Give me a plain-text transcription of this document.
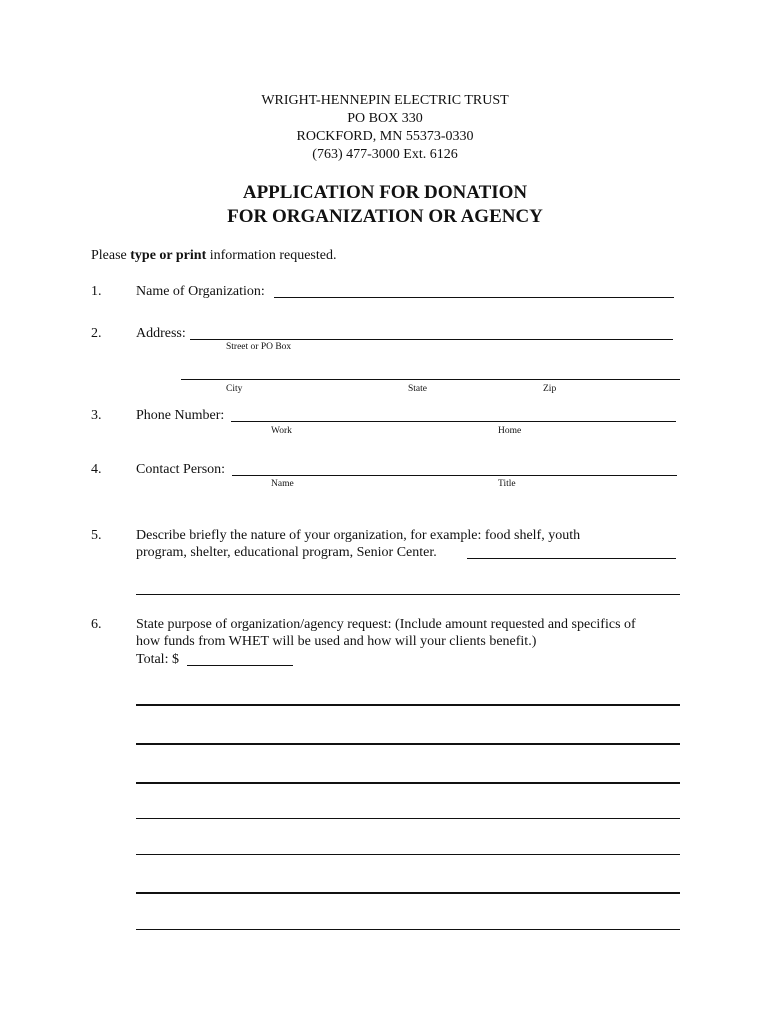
WRIGHT-HENNEPIN ELECTRIC TRUST
PO BOX 330
ROCKFORD, MN 55373-0330
(763) 477-3000 Ext. 6126
APPLICATION FOR DONATION
FOR ORGANIZATION OR AGENCY
Please type or print information requested.
1. Name of Organization:
2. Address:
Street or PO Box
City	State	Zip
3. Phone Number:
Work	Home
4. Contact Person:
Name	Title
5. Describe briefly the nature of your organization, for example: food shelf, youth
program, shelter, educational program, Senior Center.
6. State purpose of organization/agency request: (Include amount requested and specifics of
how funds from WHET will be used and how will your clients benefit.)
Total: $
